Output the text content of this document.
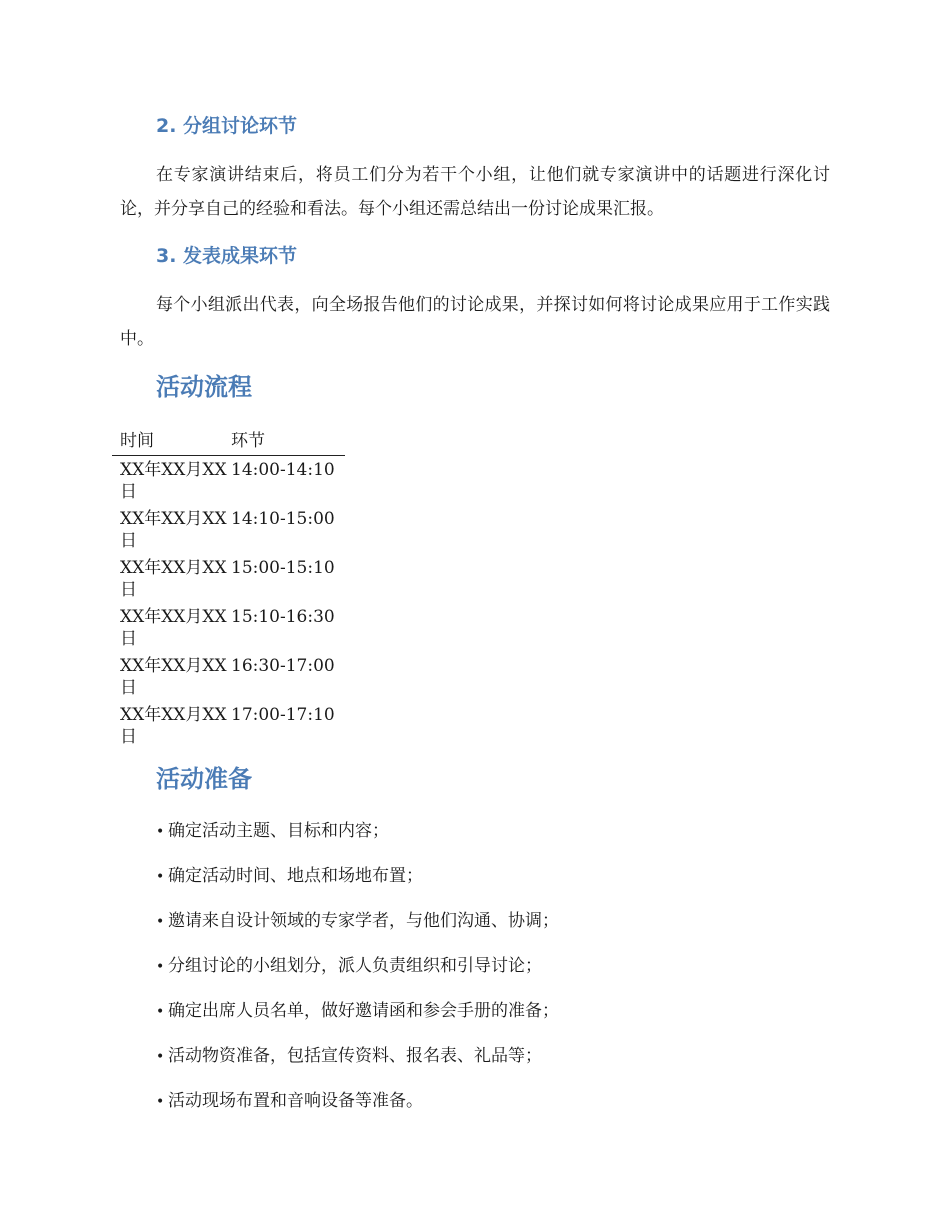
2. 分组讨论环节

在专家演讲结束后，将员工们分为若干个小组，让他们就专家演讲中的话题进行深化讨论，并分享自己的经验和看法。每个小组还需总结出一份讨论成果汇报。

3. 发表成果环节

每个小组派出代表，向全场报告他们的讨论成果，并探讨如何将讨论成果应用于工作实践中。

活动流程
时间	环节
XX年XX月XX日
14:00-14:10
XX年XX月XX日
14:10-15:00
XX年XX月XX日
15:00-15:10
XX年XX月XX日
15:10-16:30
XX年XX月XX日
16:30-17:00
XX年XX月XX日
17:00-17:10
活动准备
• 确定活动主题、目标和内容；
• 确定活动时间、地点和场地布置；
• 邀请来自设计领域的专家学者，与他们沟通、协调；
• 分组讨论的小组划分，派人负责组织和引导讨论；
• 确定出席人员名单，做好邀请函和参会手册的准备；
• 活动物资准备，包括宣传资料、报名表、礼品等；
• 活动现场布置和音响设备等准备。
